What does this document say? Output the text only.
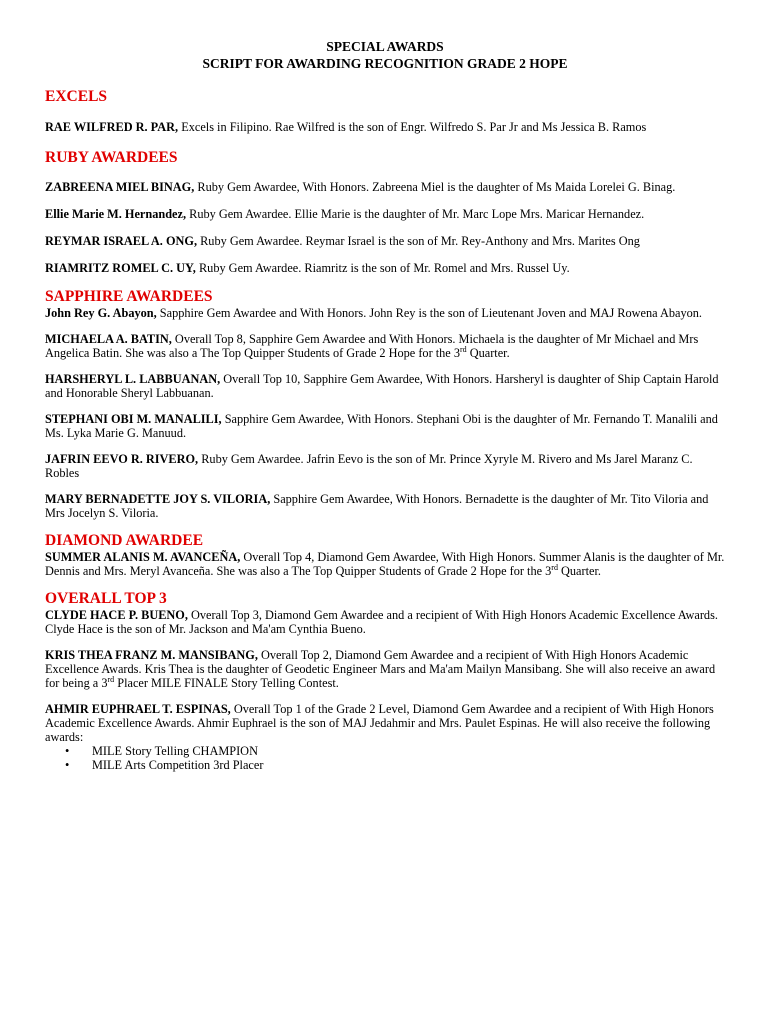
SPECIAL AWARDS
SCRIPT FOR AWARDING RECOGNITION GRADE 2 HOPE
EXCELS

RAE WILFRED R. PAR, Excels in Filipino. Rae Wilfred is the son of Engr. Wilfredo S. Par Jr and Ms Jessica B. Ramos

RUBY AWARDEES

ZABREENA MIEL BINAG, Ruby Gem Awardee, With Honors. Zabreena Miel is the daughter of Ms Maida Lorelei G. Binag.

Ellie Marie M. Hernandez, Ruby Gem Awardee. Ellie Marie is the daughter of Mr. Marc Lope Mrs. Maricar Hernandez.

REYMAR ISRAEL A. ONG, Ruby Gem Awardee. Reymar Israel is the son of Mr. Rey-Anthony and Mrs. Marites Ong

RIAMRITZ ROMEL C. UY, Ruby Gem Awardee. Riamritz is the son of Mr. Romel and Mrs. Russel Uy.

SAPPHIRE AWARDEES

John Rey G. Abayon, Sapphire Gem Awardee and With Honors. John Rey is the son of Lieutenant Joven and MAJ Rowena Abayon.

MICHAELA A. BATIN, Overall Top 8, Sapphire Gem Awardee and With Honors. Michaela is the daughter of Mr Michael and Mrs Angelica Batin. She was also a The Top Quipper Students of Grade 2 Hope for the 3rd Quarter.

HARSHERYL L. LABBUANAN, Overall Top 10, Sapphire Gem Awardee, With Honors. Harsheryl is daughter of Ship Captain Harold and Honorable Sheryl Labbuanan.

STEPHANI OBI M. MANALILI, Sapphire Gem Awardee, With Honors. Stephani Obi is the daughter of Mr. Fernando T. Manalili and Ms. Lyka Marie G. Manuud.

JAFRIN EEVO R. RIVERO, Ruby Gem Awardee. Jafrin Eevo is the son of Mr. Prince Xyryle M. Rivero and Ms Jarel Maranz C. Robles

MARY BERNADETTE JOY S. VILORIA, Sapphire Gem Awardee, With Honors. Bernadette is the daughter of Mr. Tito Viloria and Mrs Jocelyn S. Viloria.

DIAMOND AWARDEE

SUMMER ALANIS M. AVANCEÑA, Overall Top 4, Diamond Gem Awardee, With High Honors. Summer Alanis is the daughter of Mr. Dennis and Mrs. Meryl Avanceña. She was also a The Top Quipper Students of Grade 2 Hope for the 3rd Quarter.

OVERALL TOP 3

CLYDE HACE P. BUENO, Overall Top 3, Diamond Gem Awardee and a recipient of With High Honors Academic Excellence Awards. Clyde Hace is the son of Mr. Jackson and Ma'am Cynthia Bueno.

KRIS THEA FRANZ M. MANSIBANG, Overall Top 2, Diamond Gem Awardee and a recipient of With High Honors Academic Excellence Awards. Kris Thea is the daughter of Geodetic Engineer Mars and Ma'am Mailyn Mansibang. She will also receive an award for being a 3rd Placer MILE FINALE Story Telling Contest.

AHMIR EUPHRAEL T. ESPINAS, Overall Top 1 of the Grade 2 Level, Diamond Gem Awardee and a recipient of With High Honors Academic Excellence Awards. Ahmir Euphrael is the son of MAJ Jedahmir and Mrs. Paulet Espinas. He will also receive the following awards:

• MILE Story Telling CHAMPION
• MILE Arts Competition 3rd Placer
